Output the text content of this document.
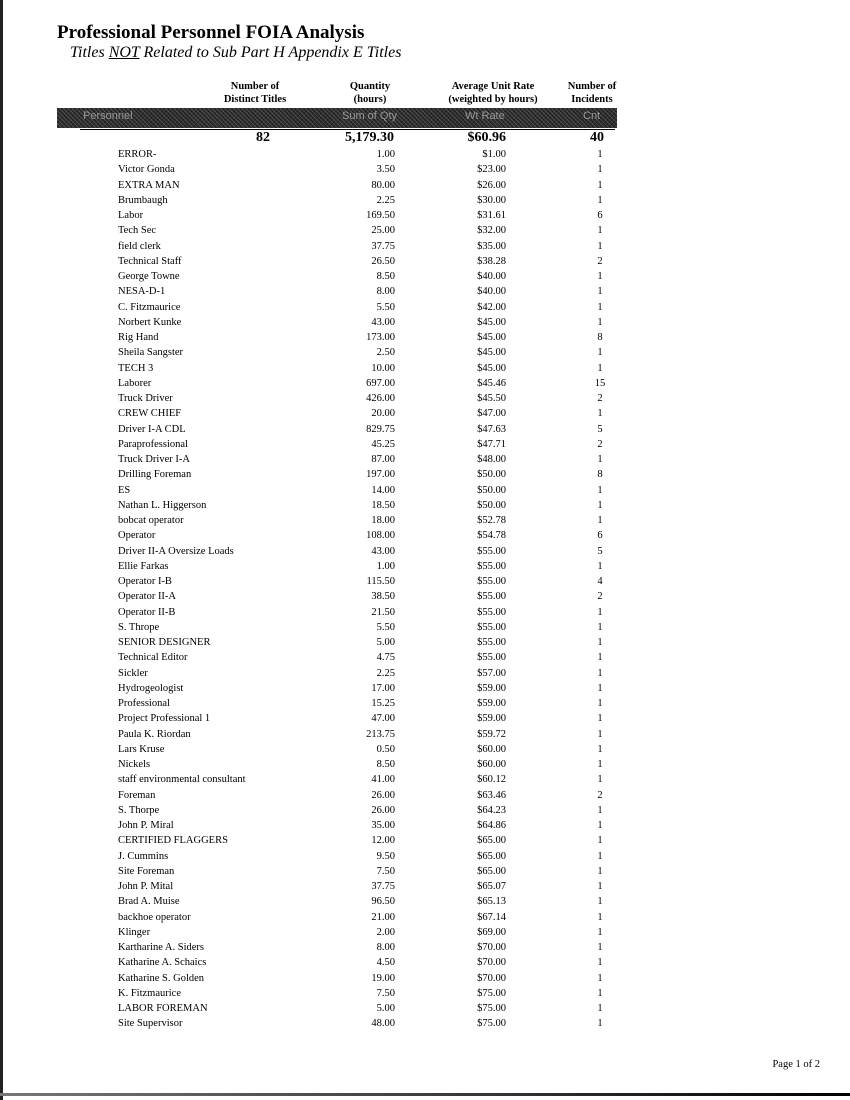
Professional Personnel FOIA Analysis
Titles NOT Related to Sub Part H Appendix E Titles
Number of
Distinct Titles
Quantity
(hours)
Average Unit Rate
(weighted by hours)
Number of
Incidents
Personnel	Sum of Qty	Wt Rate	Cnt
82	5,179.30	$60.96	40
ERROR-	1.00	$1.00	1
Victor Gonda	3.50	$23.00	1
EXTRA MAN	80.00	$26.00	1
Brumbaugh	2.25	$30.00	1
Labor	169.50	$31.61	6
Tech Sec	25.00	$32.00	1
field clerk	37.75	$35.00	1
Technical Staff	26.50	$38.28	2
George Towne	8.50	$40.00	1
NESA-D-1	8.00	$40.00	1
C. Fitzmaurice	5.50	$42.00	1
Norbert Kunke	43.00	$45.00	1
Rig Hand	173.00	$45.00	8
Sheila Sangster	2.50	$45.00	1
TECH 3	10.00	$45.00	1
Laborer	697.00	$45.46	15
Truck Driver	426.00	$45.50	2
CREW CHIEF	20.00	$47.00	1
Driver I-A CDL	829.75	$47.63	5
Paraprofessional	45.25	$47.71	2
Truck Driver I-A	87.00	$48.00	1
Drilling Foreman	197.00	$50.00	8
ES	14.00	$50.00	1
Nathan L. Higgerson	18.50	$50.00	1
bobcat operator	18.00	$52.78	1
Operator	108.00	$54.78	6
Driver II-A Oversize Loads	43.00	$55.00	5
Ellie Farkas	1.00	$55.00	1
Operator I-B	115.50	$55.00	4
Operator II-A	38.50	$55.00	2
Operator II-B	21.50	$55.00	1
S. Thrope	5.50	$55.00	1
SENIOR DESIGNER	5.00	$55.00	1
Technical Editor	4.75	$55.00	1
Sickler	2.25	$57.00	1
Hydrogeologist	17.00	$59.00	1
Professional	15.25	$59.00	1
Project Professional 1	47.00	$59.00	1
Paula K. Riordan	213.75	$59.72	1
Lars Kruse	0.50	$60.00	1
Nickels	8.50	$60.00	1
staff environmental consultant	41.00	$60.12	1
Foreman	26.00	$63.46	2
S. Thorpe	26.00	$64.23	1
John P. Miral	35.00	$64.86	1
CERTIFIED FLAGGERS	12.00	$65.00	1
J. Cummins	9.50	$65.00	1
Site Foreman	7.50	$65.00	1
John P. Mital	37.75	$65.07	1
Brad A. Muise	96.50	$65.13	1
backhoe operator	21.00	$67.14	1
Klinger	2.00	$69.00	1
Kartharine A. Siders	8.00	$70.00	1
Katharine A. Schaics	4.50	$70.00	1
Katharine S. Golden	19.00	$70.00	1
K. Fitzmaurice	7.50	$75.00	1
LABOR FOREMAN	5.00	$75.00	1
Site Supervisor	48.00	$75.00	1
Page 1 of 2
